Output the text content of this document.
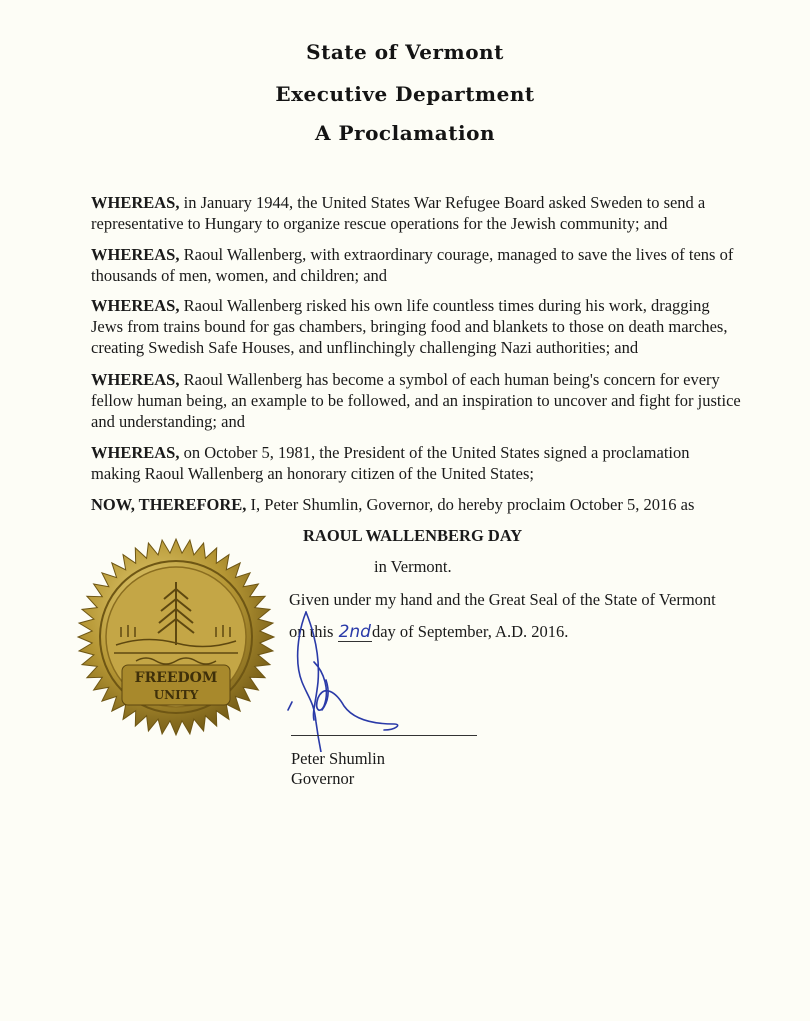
State of Vermont
Executive Department
A Proclamation

WHEREAS, in January 1944, the United States War Refugee Board asked Sweden to send a representative to Hungary to organize rescue operations for the Jewish community; and

WHEREAS, Raoul Wallenberg, with extraordinary courage, managed to save the lives of tens of thousands of men, women, and children; and

WHEREAS, Raoul Wallenberg risked his own life countless times during his work, dragging Jews from trains bound for gas chambers, bringing food and blankets to those on death marches, creating Swedish Safe Houses, and unflinchingly challenging Nazi authorities; and

WHEREAS, Raoul Wallenberg has become a symbol of each human being's concern for every fellow human being, an example to be followed, and an inspiration to uncover and fight for justice and understanding; and

WHEREAS, on October 5, 1981, the President of the United States signed a proclamation making Raoul Wallenberg an honorary citizen of the United States;

NOW, THEREFORE, I, Peter Shumlin, Governor, do hereby proclaim October 5, 2016 as

RAOUL WALLENBERG DAY
in Vermont.
Given under my hand and the Great Seal of the State of Vermont
on this 2ndday of September, A.D. 2016.
FREEDOM
UNITY
Peter Shumlin
Governor
